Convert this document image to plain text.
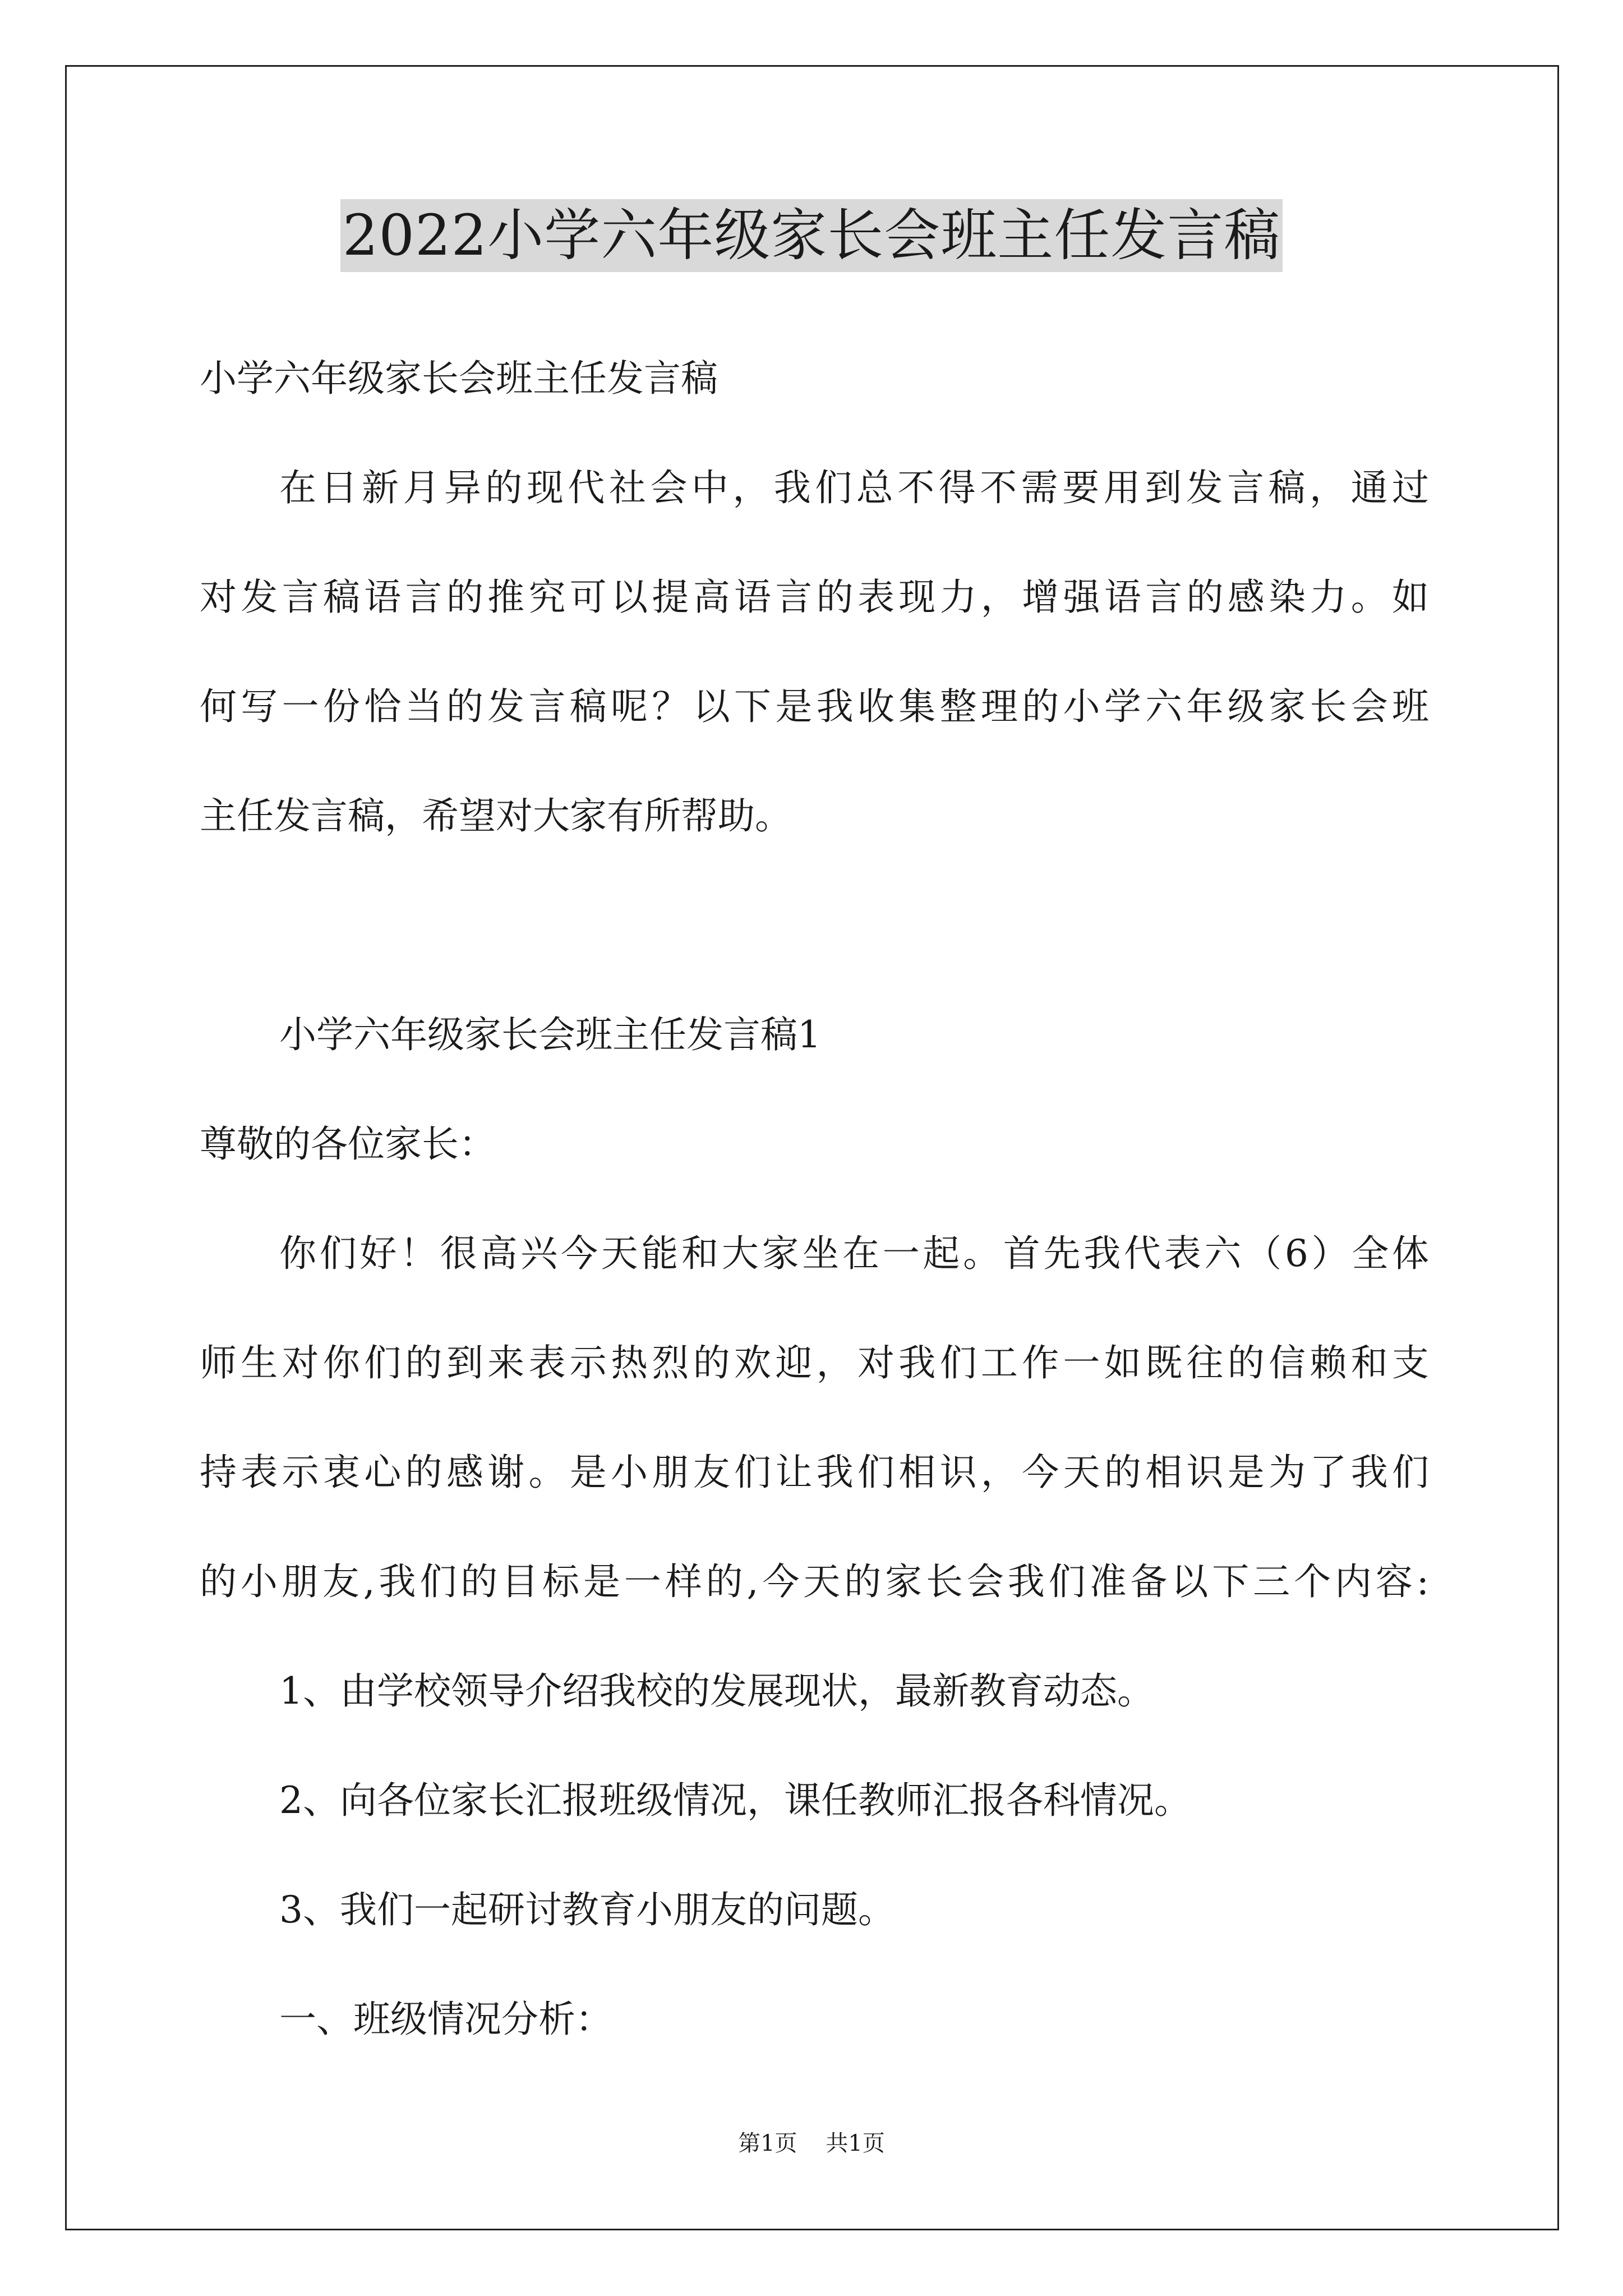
2022小学六年级家长会班主任发言稿
小学六年级家长会班主任发言稿
在日新月异的现代社会中，我们总不得不需要用到发言稿，通过
对发言稿语言的推究可以提高语言的表现力，增强语言的感染力。如
何写一份恰当的发言稿呢？以下是我收集整理的小学六年级家长会班
主任发言稿，希望对大家有所帮助。
小学六年级家长会班主任发言稿1
尊敬的各位家长：
你们好！很高兴今天能和大家坐在一起。首先我代表六（6）全体
师生对你们的到来表示热烈的欢迎，对我们工作一如既往的信赖和支
持表示衷心的感谢。是小朋友们让我们相识，今天的相识是为了我们
的小朋友,我们的目标是一样的,今天的家长会我们准备以下三个内容:
1、由学校领导介绍我校的发展现状，最新教育动态。
2、向各位家长汇报班级情况，课任教师汇报各科情况。
3、我们一起研讨教育小朋友的问题。
一、班级情况分析：
第1页    共1页
